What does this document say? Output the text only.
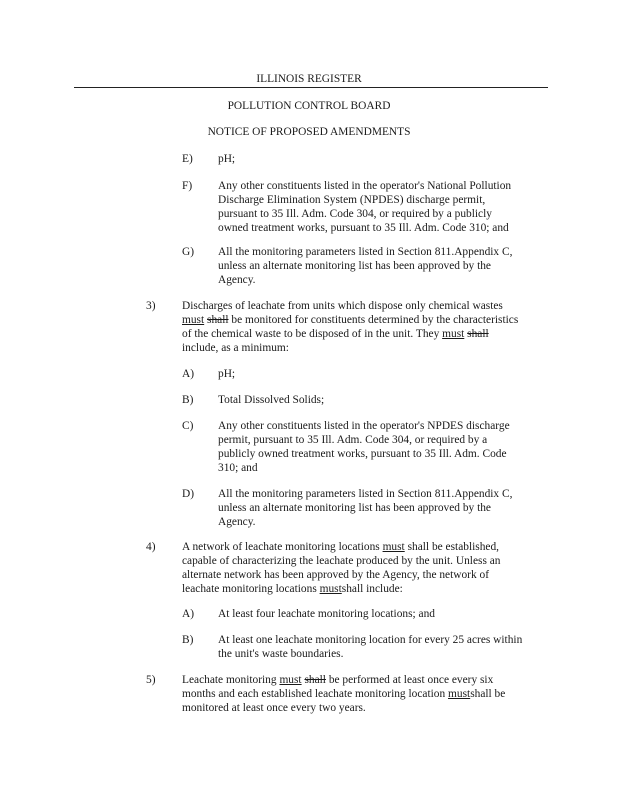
ILLINOIS REGISTER
POLLUTION CONTROL BOARD
NOTICE OF PROPOSED AMENDMENTS
E) pH;
F) Any other constituents listed in the operator's National Pollution
Discharge Elimination System (NPDES) discharge permit,
pursuant to 35 Ill. Adm. Code 304, or required by a publicly
owned treatment works, pursuant to 35 Ill. Adm. Code 310; and
G) All the monitoring parameters listed in Section 811.Appendix C,
unless an alternate monitoring list has been approved by the
Agency.
3) Discharges of leachate from units which dispose only chemical wastes
must shall be monitored for constituents determined by the characteristics
of the chemical waste to be disposed of in the unit. They must shall
include, as a minimum:
A) pH;
B) Total Dissolved Solids;
C) Any other constituents listed in the operator's NPDES discharge
permit, pursuant to 35 Ill. Adm. Code 304, or required by a
publicly owned treatment works, pursuant to 35 Ill. Adm. Code
310; and
D) All the monitoring parameters listed in Section 811.Appendix C,
unless an alternate monitoring list has been approved by the
Agency.
4) A network of leachate monitoring locations must shall be established,
capable of characterizing the leachate produced by the unit. Unless an
alternate network has been approved by the Agency, the network of
leachate monitoring locations mustshall include:
A) At least four leachate monitoring locations; and
B) At least one leachate monitoring location for every 25 acres within
the unit's waste boundaries.
5) Leachate monitoring must shall be performed at least once every six
months and each established leachate monitoring location mustshall be
monitored at least once every two years.
